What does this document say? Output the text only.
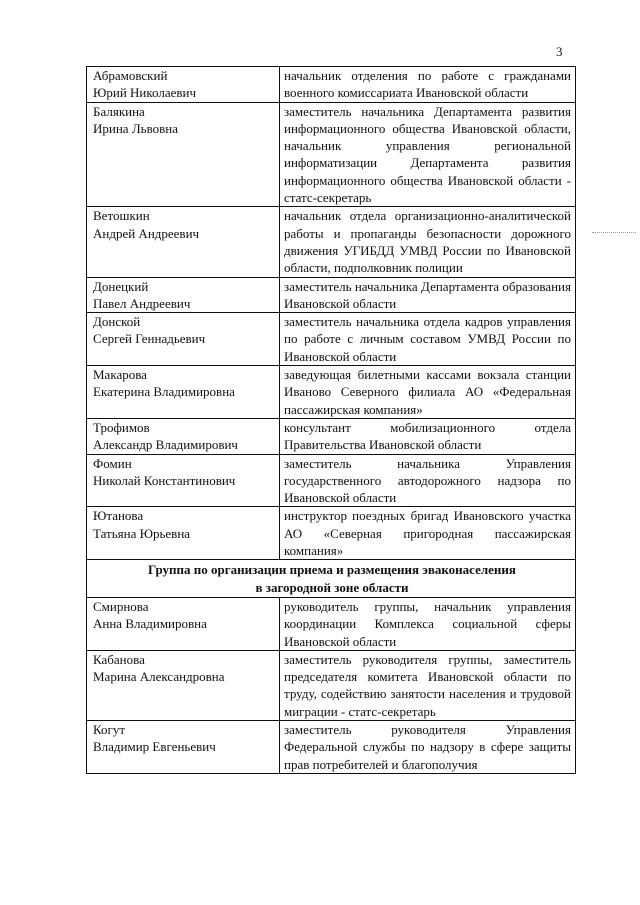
3
Абрамовский
Юрий Николаевич	начальник отделения по работе с гражданами военного комиссариата Ивановской области

Балякина
Ирина Львовна	заместитель начальника Департамента развития информационного общества Ивановской области, начальник управления региональной информатизации Департамента развития информационного общества Ивановской области - статс-секретарь

Ветошкин
Андрей Андреевич	начальник отдела организационно-аналитической работы и пропаганды безопасности дорожного движения УГИБДД УМВД России по Ивановской области, подполковник полиции

Донецкий
Павел Андреевич	заместитель начальника Департамента образования Ивановской области

Донской
Сергей Геннадьевич	заместитель начальника отдела кадров управления по работе с личным составом УМВД России по Ивановской области

Макарова
Екатерина Владимировна	заведующая билетными кассами вокзала станции Иваново Северного филиала АО «Федеральная пассажирская компания»

Трофимов
Александр Владимирович	консультант мобилизационного отдела Правительства Ивановской области

Фомин
Николай Константинович	заместитель начальника Управления государственного автодорожного надзора по Ивановской области

Ютанова
Татьяна Юрьевна	инструктор поездных бригад Ивановского участка АО «Северная пригородная пассажирская компания»

Группа по организации приема и размещения эваконаселения
в загородной зоне области	

Смирнова
Анна Владимировна	руководитель группы, начальник управления координации Комплекса социальной сферы Ивановской области

Кабанова
Марина Александровна	заместитель руководителя группы, заместитель председателя комитета Ивановской области по труду, содействию занятости населения и трудовой миграции - статс-секретарь

Когут
Владимир Евгеньевич	заместитель руководителя Управления Федеральной службы по надзору в сфере защиты прав потребителей и благополучия
